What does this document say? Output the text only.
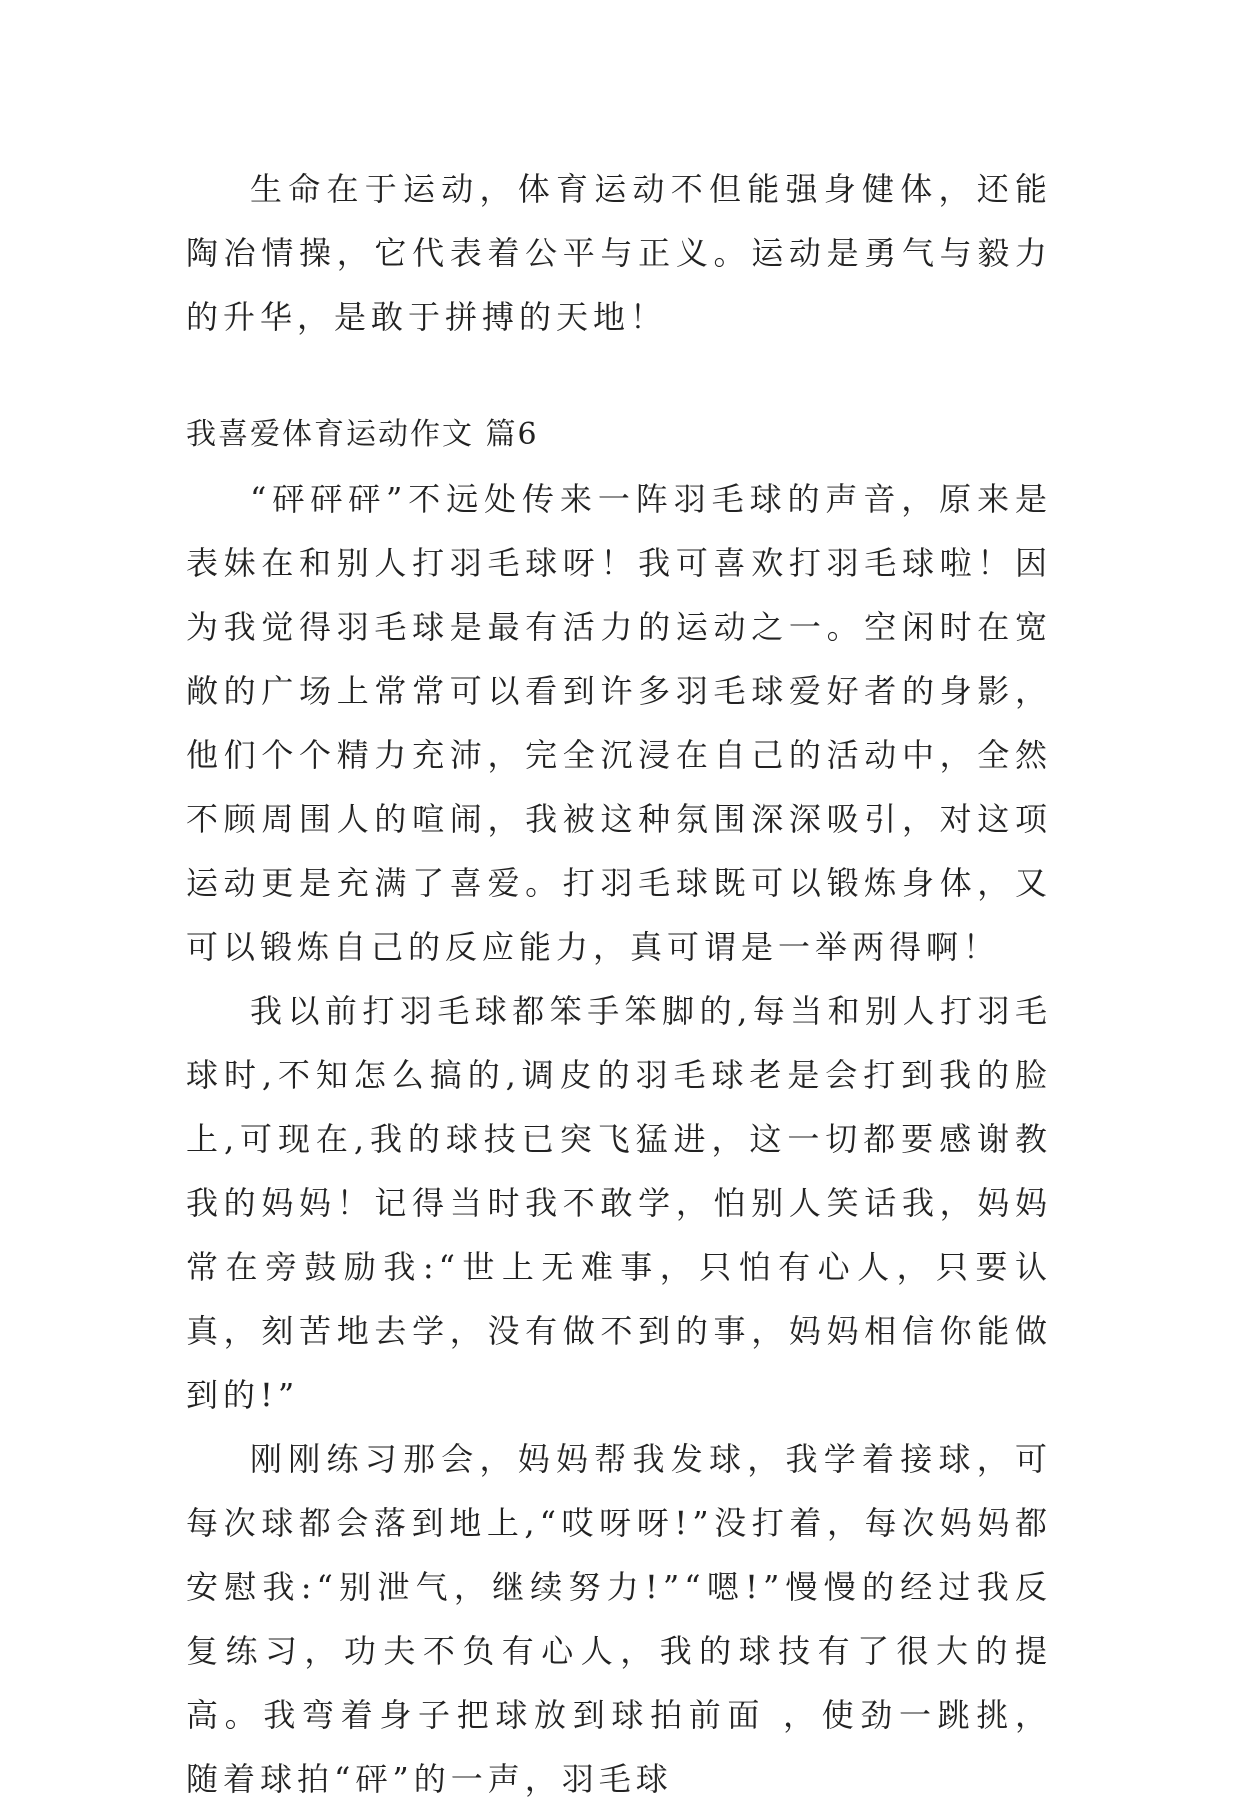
生命在于运动，体育运动不但能强身健体，还能陶冶情操，它代表着公平与正义。运动是勇气与毅力的升华，是敢于拼搏的天地！

我喜爱体育运动作文 篇6

“砰砰砰”不远处传来一阵羽毛球的声音，原来是表妹在和别人打羽毛球呀！我可喜欢打羽毛球啦！因为我觉得羽毛球是最有活力的运动之一。空闲时在宽敞的广场上常常可以看到许多羽毛球爱好者的身影，他们个个精力充沛，完全沉浸在自己的活动中，全然不顾周围人的喧闹，我被这种氛围深深吸引，对这项运动更是充满了喜爱。打羽毛球既可以锻炼身体，又可以锻炼自己的反应能力，真可谓是一举两得啊！

我以前打羽毛球都笨手笨脚的,每当和别人打羽毛球时,不知怎么搞的,调皮的羽毛球老是会打到我的脸上,可现在,我的球技已突飞猛进，这一切都要感谢教我的妈妈！记得当时我不敢学，怕别人笑话我，妈妈常在旁鼓励我:“世上无难事，只怕有心人，只要认真，刻苦地去学，没有做不到的事，妈妈相信你能做到的!”

刚刚练习那会，妈妈帮我发球，我学着接球，可每次球都会落到地上,“哎呀呀!”没打着，每次妈妈都安慰我:“别泄气，继续努力!”“嗯!”慢慢的经过我反复练习，功夫不负有心人，我的球技有了很大的提高。我弯着身子把球放到球拍前面 ，使劲一跳挑，随着球拍“砰”的一声，羽毛球
